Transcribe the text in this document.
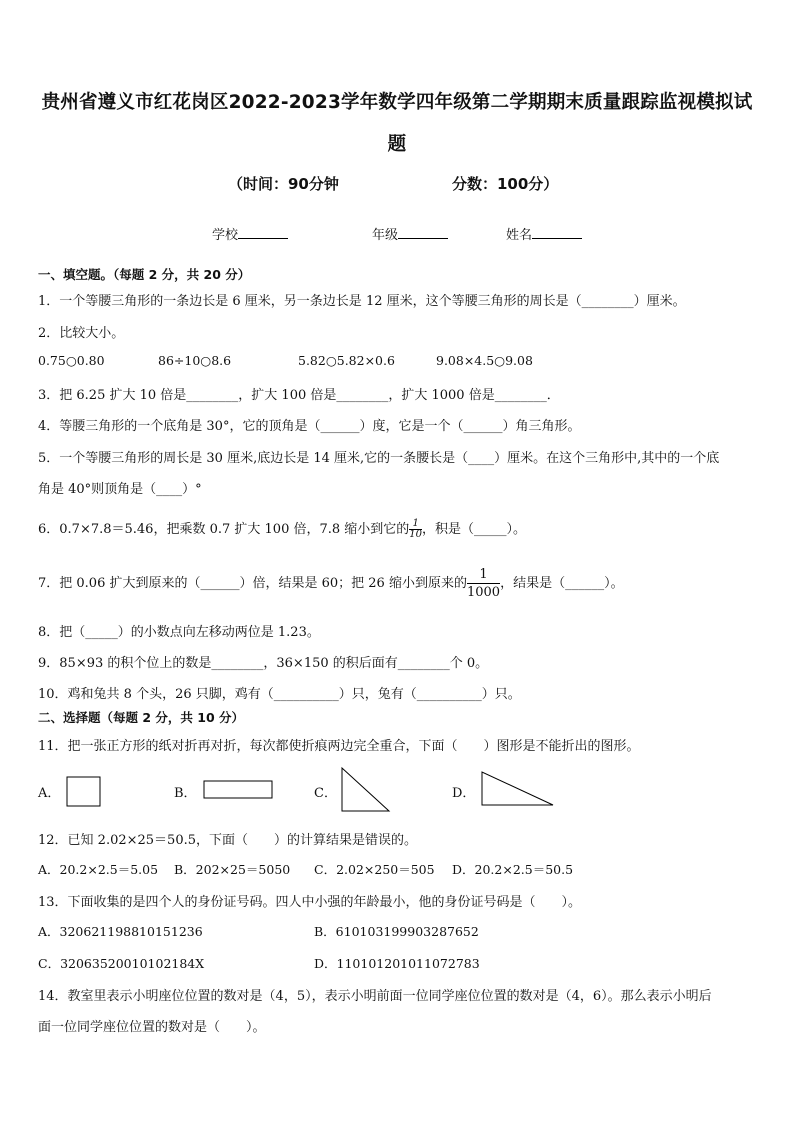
贵州省遵义市红花岗区2022-2023学年数学四年级第二学期期末质量跟踪监视模拟试
题
（时间：90分钟	分数：100分）
学校	年级	姓名
一、填空题。（每题 2 分，共 20 分）
1．一个等腰三角形的一条边长是 6 厘米，另一条边长是 12 厘米，这个等腰三角形的周长是（________）厘米。
2．比较大小。
0.75○0.80	86÷10○8.6	5.82○5.82×0.6	9.08×4.5○9.08
3．把 6.25 扩大 10 倍是________，扩大 100 倍是________，扩大 1000 倍是________．
4．等腰三角形的一个底角是 30°，它的顶角是（______）度，它是一个（______）角三角形。
5．一个等腰三角形的周长是 30 厘米,底边长是 14 厘米,它的一条腰长是（____）厘米。在这个三角形中,其中的一个底
角是 40°则顶角是（____）°
6．0.7×7.8＝5.46，把乘数 0.7 扩大 100 倍，7.8 缩小到它的 $\frac{1}{10}$ ，积是（_____）。
7．把 0.06 扩大到原来的（______）倍，结果是 60；把 26 缩小到原来的 $\frac{1}{1000}$ ，结果是（______）。
8．把（_____）的小数点向左移动两位是 1.23。
9．85×93 的积个位上的数是________，36×150 的积后面有________个 0。
10．鸡和兔共 8 个头，26 只脚，鸡有（__________）只，兔有（__________）只。
二、选择题（每题 2 分，共 10 分）
11．把一张正方形的纸对折再对折，每次都使折痕两边完全重合，下面（　　）图形是不能折出的图形。
A．	B．	C．	D．
12．已知 2.02×25＝50.5，下面（　　）的计算结果是错误的。
A．20.2×2.5＝5.05 B．202×25＝5050 C．2.02×250＝505 D．20.2×2.5＝50.5
13．下面收集的是四个人的身份证号码。四人中小强的年龄最小，他的身份证号码是（　　）。
A．320621198810151236	B．610103199903287652
C．32063520010102184X	D．110101201011072783
14．教室里表示小明座位位置的数对是（4，5），表示小明前面一位同学座位位置的数对是（4，6）。那么表示小明后
面一位同学座位位置的数对是（　　）。
